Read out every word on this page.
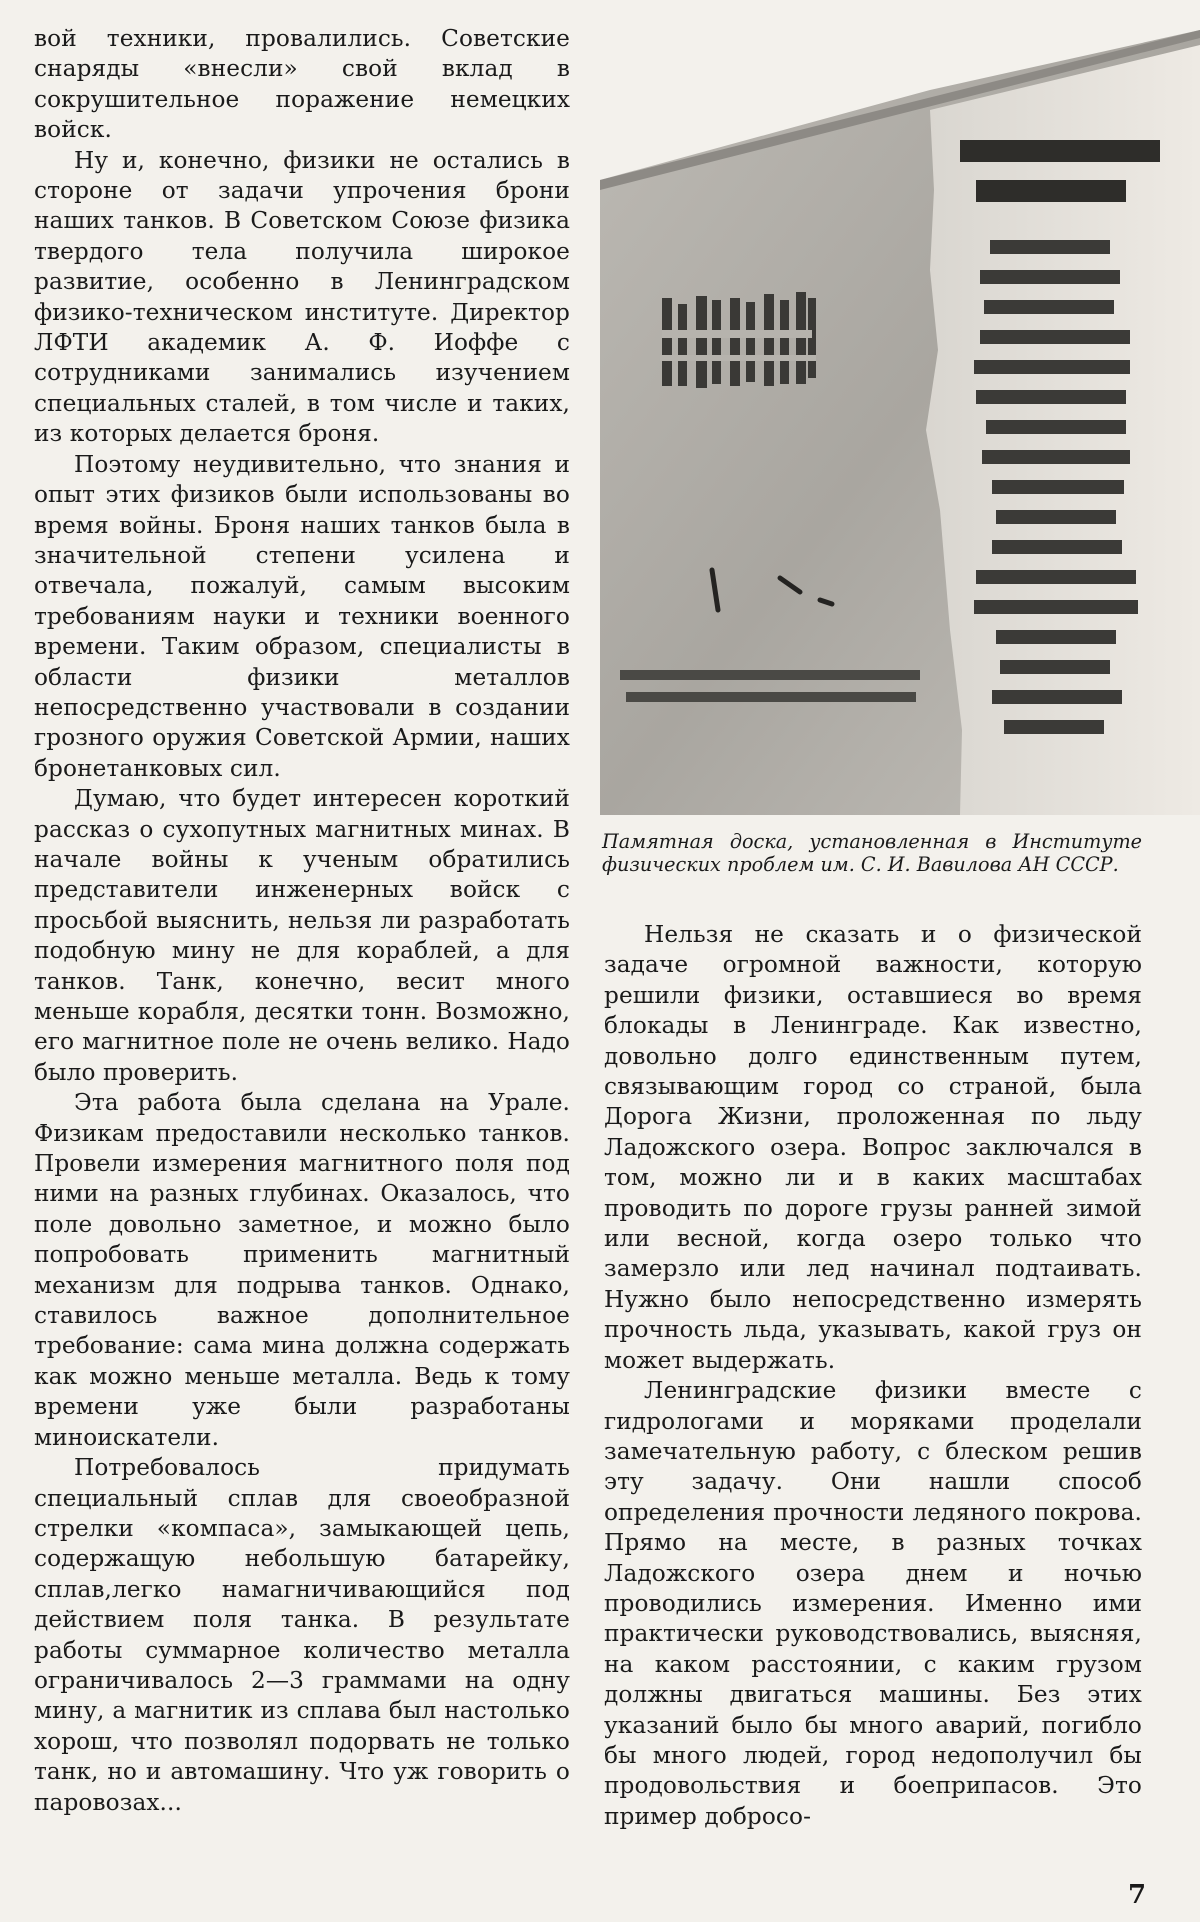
вой техники, провалились. Советские снаряды «внесли» свой вклад в сокрушительное поражение немецких войск.

Ну и, конечно, физики не остались в стороне от задачи упрочения брони наших танков. В Советском Союзе физика твердого тела получила широкое развитие, особенно в Ленинградском физико-техническом институте. Директор ЛФТИ академик А. Ф. Иоффе с сотрудниками занимались изучением специальных сталей, в том числе и таких, из которых делается броня.

Поэтому неудивительно, что знания и опыт этих физиков были использованы во время войны. Броня наших танков была в значительной степени усилена и отвечала, пожалуй, самым высоким требованиям науки и техники военного времени. Таким образом, специалисты в области физики металлов непосредственно участвовали в создании грозного оружия Советской Армии, наших бронетанковых сил.

Думаю, что будет интересен короткий рассказ о сухопутных магнитных минах. В начале войны к ученым обратились представители инженерных войск с просьбой выяснить, нельзя ли разработать подобную мину не для кораблей, а для танков. Танк, конечно, весит много меньше корабля, десятки тонн. Возможно, его магнитное поле не очень велико. Надо было проверить.

Эта работа была сделана на Урале. Физикам предоставили несколько танков. Провели измерения магнитного поля под ними на разных глубинах. Оказалось, что поле довольно заметное, и можно было попробовать применить магнитный механизм для подрыва танков. Однако, ставилось важное дополнительное требование: сама мина должна содержать как можно меньше металла. Ведь к тому времени уже были разработаны миноискатели.

Потребовалось придумать специальный сплав для своеобразной стрелки «компаса», замыкающей цепь, содержащую небольшую батарейку, сплав,легко намагничивающийся под действием поля танка. В результате работы суммарное количество металла ограничивалось 2—3 граммами на одну мину, а магнитик из сплава был настолько хорош, что позволял подорвать не только танк, но и автомашину. Что уж говорить о паровозах...

Памятная доска, установленная в Институте физических проблем им. С. И. Вавилова АН СССР.

Нельзя не сказать и о физической задаче огромной важности, которую решили физики, оставшиеся во время блокады в Ленинграде. Как известно, довольно долго единственным путем, связывающим город со страной, была Дорога Жизни, проложенная по льду Ладожского озера. Вопрос заключался в том, можно ли и в каких масштабах проводить по дороге грузы ранней зимой или весной, когда озеро только что замерзло или лед начинал подтаивать. Нужно было непосредственно измерять прочность льда, указывать, какой груз он может выдержать.

Ленинградские физики вместе с гидрологами и моряками проделали замечательную работу, с блеском решив эту задачу. Они нашли способ определения прочности ледяного покрова. Прямо на месте, в разных точках Ладожского озера днем и ночью проводились измерения. Именно ими практически руководствовались, выясняя, на каком расстоянии, с каким грузом должны двигаться машины. Без этих указаний было бы много аварий, погибло бы много людей, город недополучил бы продовольствия и боеприпасов. Это пример добросо-

7
